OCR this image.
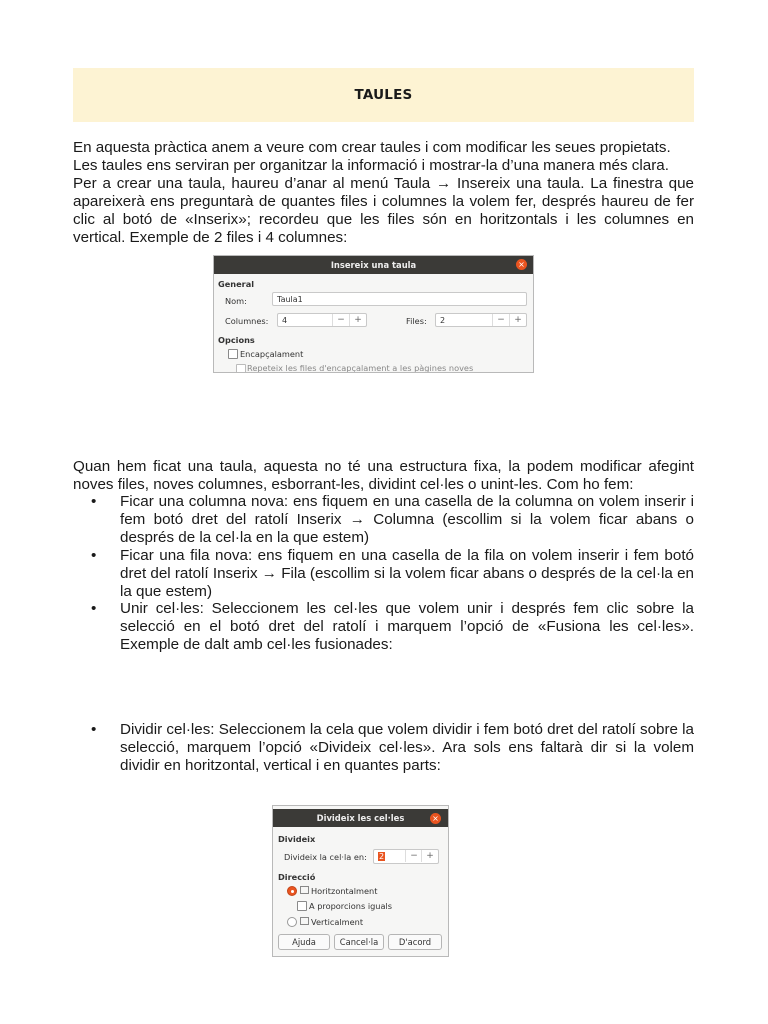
TAULES

En aquesta pràctica anem a veure com crear taules i com modificar les seues propietats.

Les taules ens serviran per organitzar la informació i mostrar-la d’una manera més clara.

Per a crear una taula, haureu d’anar al menú Taula → Insereix una taula. La finestra que apareixerà ens preguntarà de quantes files i columnes la volem fer, després haureu de fer clic al botó de «Inserix»; recordeu que les files són en horitzontals i les columnes en vertical. Exemple de 2 files i 4 columnes:

Insereix una taula	×
General
Nom:	Taula1
Columnes:	4	−	+	Files:	2	−	+
Opcions
Encapçalament
Repeteix les files d'encapçalament a les pàgines noves

Quan hem ficat una taula, aquesta no té una estructura fixa, la podem modificar afegint noves files, noves columnes, esborrant-les, dividint cel·les o unint-les. Com ho fem:

• Ficar una columna nova: ens fiquem en una casella de la columna on volem inserir i fem botó dret del ratolí Inserix → Columna (escollim si la volem ficar abans o després de la cel·la en la que estem)
• Ficar una fila nova: ens fiquem en una casella de la fila on volem inserir i fem botó dret del ratolí Inserix → Fila (escollim si la volem ficar abans o després de la cel·la en la que estem)
• Unir cel·les: Seleccionem les cel·les que volem unir i després fem clic sobre la selecció en el botó dret del ratolí i marquem l’opció de «Fusiona les cel·les». Exemple de dalt amb cel·les fusionades:
• Dividir cel·les: Seleccionem la cela que volem dividir i fem botó dret del ratolí sobre la selecció, marquem l’opció «Divideix cel·les». Ara sols ens faltarà dir si la volem dividir en horitzontal, vertical i en quantes parts:
Divideix les cel·les	×
Divideix
Divideix la cel·la en:	2	− +
Direcció
Horitzontalment
A proporcions iguals
Verticalment
Ajuda	Cancel·la	D'acord
